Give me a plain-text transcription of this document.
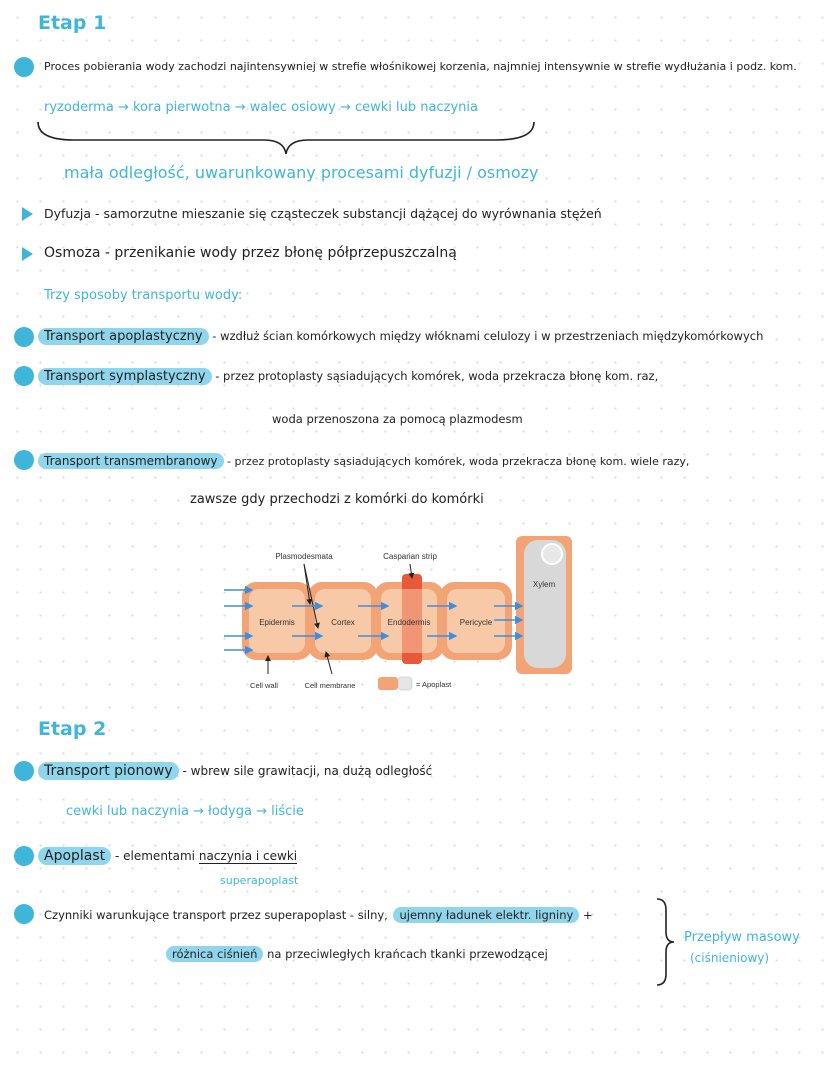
Etap 1
Proces pobierania wody zachodzi najintensywniej w strefie włośnikowej korzenia, najmniej intensywnie w strefie wydłużania i podz. kom.
ryzoderma → kora pierwotna → walec osiowy → cewki lub naczynia
mała odległość, uwarunkowany procesami dyfuzji / osmozy
Dyfuzja - samorzutne mieszanie się cząsteczek substancji dążącej do wyrównania stężeń
Osmoza - przenikanie wody przez błonę półprzepuszczalną
Trzy sposoby transportu wody:
Transport apoplastyczny - wzdłuż ścian komórkowych między włóknami celulozy i w przestrzeniach międzykomórkowych
Transport symplastyczny - przez protoplasty sąsiadujących komórek, woda przekracza błonę kom. raz,
woda przenoszona za pomocą plazmodesm
Transport transmembranowy - przez protoplasty sąsiadujących komórek, woda przekracza błonę kom. wiele razy,
zawsze gdy przechodzi z komórki do komórki
Epidermis	Cortex	Endodermis	Pericycle
Xylem
Plasmodesmata	Casparian strip
Cell wall	Cell membrane	= Apoplast
Etap 2
Transport pionowy - wbrew sile grawitacji, na dużą odległość
cewki lub naczynia → łodyga → liście
Apoplast - elementami naczynia i cewki
superapoplast
Czynniki warunkujące transport przez superapoplast - silny, ujemny ładunek elektr. ligniny +
różnica ciśnień na przeciwległych krańcach tkanki przewodzącej
Przepływ masowy
(ciśnieniowy)
